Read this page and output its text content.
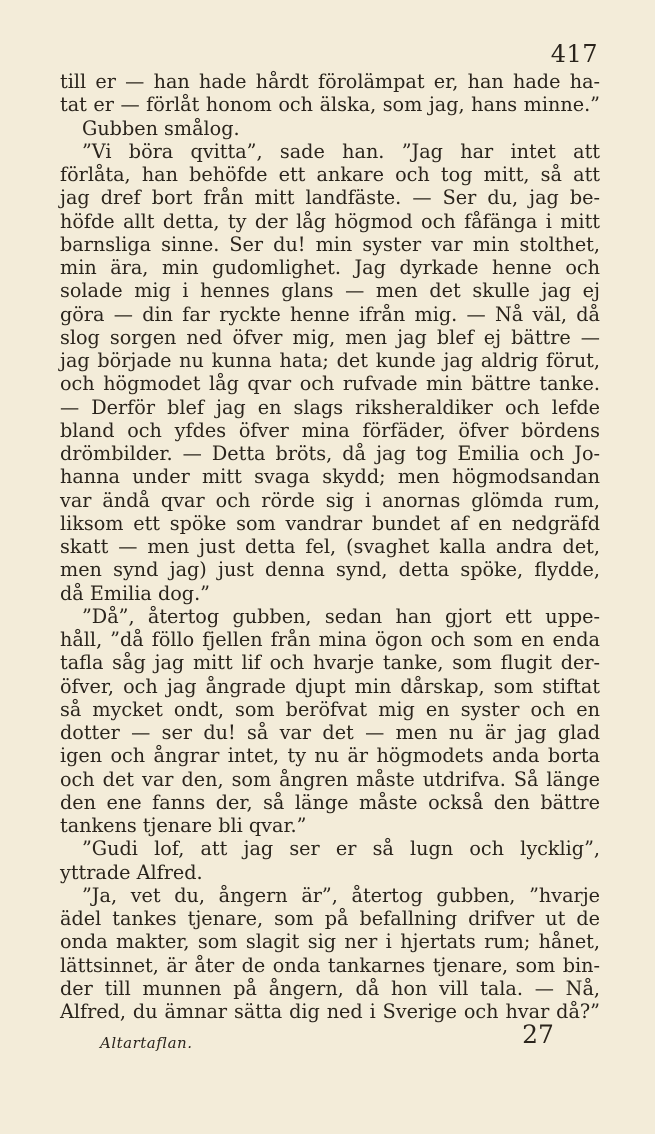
417
till er — han hade hårdt förolämpat er, han hade ha-
tat er — förlåt honom och älska, som jag, hans minne.”
Gubben smålog.
”Vi böra qvitta”, sade han. ”Jag har intet att
förlåta, han behöfde ett ankare och tog mitt, så att
jag dref bort från mitt landfäste. — Ser du, jag be-
höfde allt detta, ty der låg högmod och fåfänga i mitt
barnsliga sinne. Ser du! min syster var min stolthet,
min ära, min gudomlighet. Jag dyrkade henne och
solade mig i hennes glans — men det skulle jag ej
göra — din far ryckte henne ifrån mig. — Nå väl, då
slog sorgen ned öfver mig, men jag blef ej bättre —
jag började nu kunna hata; det kunde jag aldrig förut,
och högmodet låg qvar och rufvade min bättre tanke.
— Derför blef jag en slags riksheraldiker och lefde
bland och yfdes öfver mina förfäder, öfver bördens
drömbilder. — Detta bröts, då jag tog Emilia och Jo-
hanna under mitt svaga skydd; men högmodsandan
var ändå qvar och rörde sig i anornas glömda rum,
liksom ett spöke som vandrar bundet af en nedgräfd
skatt — men just detta fel, (svaghet kalla andra det,
men synd jag) just denna synd, detta spöke, flydde,
då Emilia dog.”
”Då”, återtog gubben, sedan han gjort ett uppe-
håll, ”då föllo fjellen från mina ögon och som en enda
tafla såg jag mitt lif och hvarje tanke, som flugit der-
öfver, och jag ångrade djupt min dårskap, som stiftat
så mycket ondt, som beröfvat mig en syster och en
dotter — ser du! så var det — men nu är jag glad
igen och ångrar intet, ty nu är högmodets anda borta
och det var den, som ångren måste utdrifva. Så länge
den ene fanns der, så länge måste också den bättre
tankens tjenare bli qvar.”
”Gudi lof, att jag ser er så lugn och lycklig”,
yttrade Alfred.
”Ja, vet du, ångern är”, återtog gubben, ”hvarje
ädel tankes tjenare, som på befallning drifver ut de
onda makter, som slagit sig ner i hjertats rum; hånet,
lättsinnet, är åter de onda tankarnes tjenare, som bin-
der till munnen på ångern, då hon vill tala. — Nå,
Alfred, du ämnar sätta dig ned i Sverige och hvar då?”
Altartaflan.	27
